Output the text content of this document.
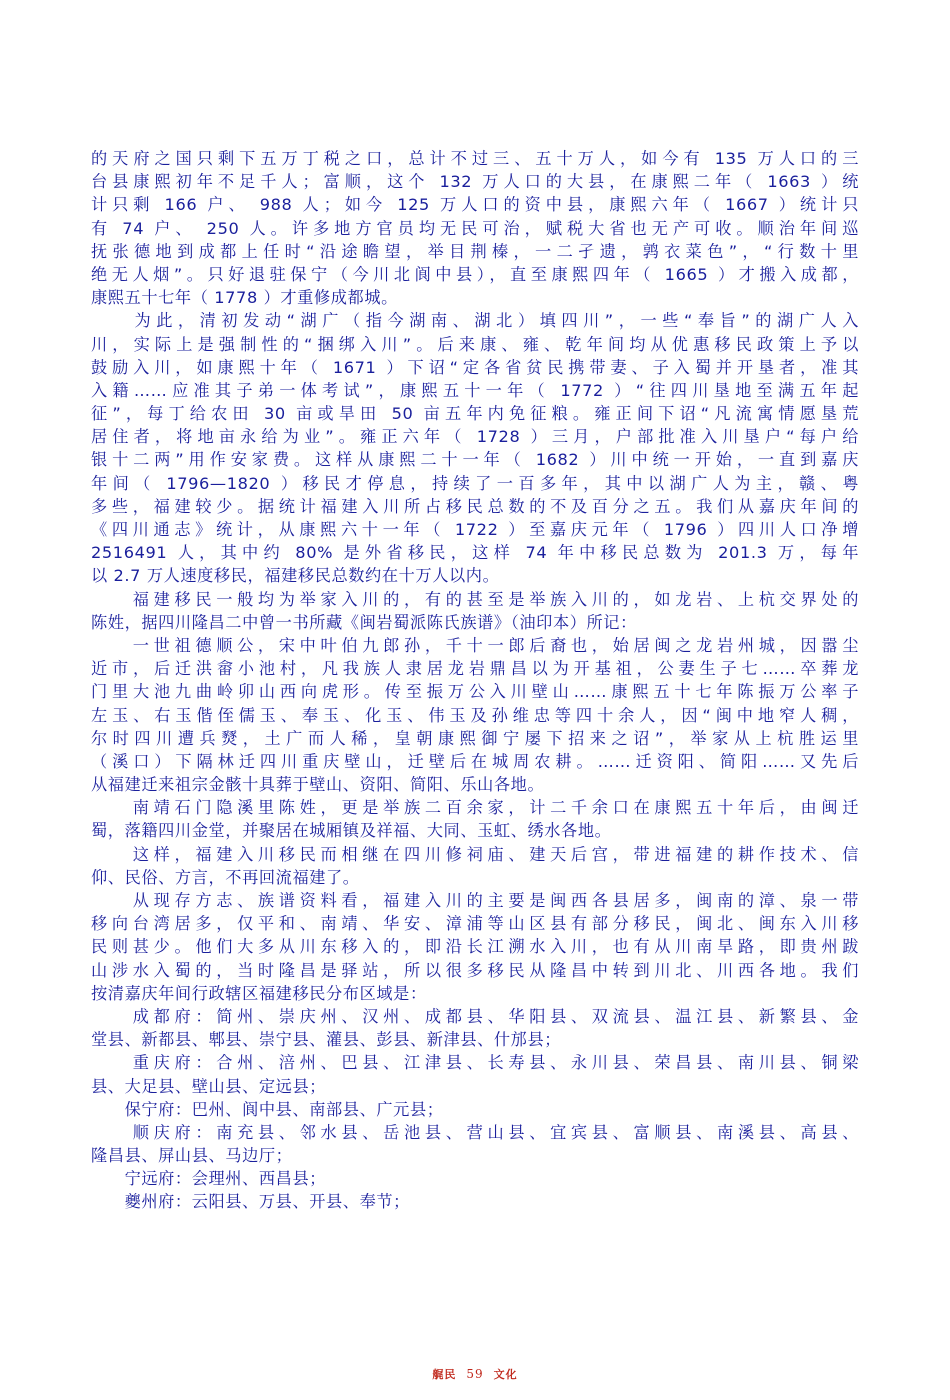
的天府之国只剩下五万丁税之口，总计不过三、五十万人，如今有 135 万人口的三
台县康熙初年不足千人；富顺，这个 132 万人口的大县，在康熙二年（ 1663 ）统
计只剩 166 户、 988 人；如今 125 万人口的资中县，康熙六年（ 1667 ）统计只
有 74 户、 250 人。许多地方官员均无民可治，赋税大省也无产可收。顺治年间巡
抚张德地到成都上任时“沿途瞻望，举目荆榛，一二孑遗，鹑衣菜色”，“行数十里
绝无人烟”。只好退驻保宁（今川北阆中县），直至康熙四年（ 1665 ）才搬入成都，
康熙五十七年（ 1778 ）才重修成都城。
　　为此，清初发动“湖广（指今湖南、湖北）填四川”，一些“奉旨”的湖广人入
川，实际上是强制性的“捆绑入川”。后来康、雍、乾年间均从优惠移民政策上予以
鼓励入川，如康熙十年（ 1671 ）下诏“定各省贫民携带妻、子入蜀并开垦者，准其
入籍……应准其子弟一体考试”，康熙五十一年（ 1772 ）“往四川垦地至满五年起
征”，每丁给农田 30 亩或旱田 50 亩五年内免征粮。雍正间下诏“凡流寓情愿垦荒
居住者，将地亩永给为业”。雍正六年（ 1728 ）三月，户部批准入川垦户“每户给
银十二两”用作安家费。这样从康熙二十一年（ 1682 ）川中统一开始，一直到嘉庆
年间（ 1796—1820 ）移民才停息，持续了一百多年，其中以湖广人为主，赣、粤
多些，福建较少。据统计福建入川所占移民总数的不及百分之五。我们从嘉庆年间的
《四川通志》统计，从康熙六十一年（ 1722 ）至嘉庆元年（ 1796 ）四川人口净增
2516491 人，其中约 80% 是外省移民，这样 74 年中移民总数为 201.3 万，每年
以 2.7 万人速度移民，福建移民总数约在十万人以内。
　　福建移民一般均为举家入川的，有的甚至是举族入川的，如龙岩、上杭交界处的
陈姓，据四川隆昌二中曾一书所藏《闽岩蜀派陈氏族谱》（油印本）所记：
　　一世祖德顺公，宋中叶伯九郎孙，千十一郎后裔也，始居闽之龙岩州城，因嚣尘
近市，后迁洪畲小池村，凡我族人隶居龙岩鼎昌以为开基祖，公妻生子七……卒葬龙
门里大池九曲岭卯山西向虎形。传至振万公入川壁山……康熙五十七年陈振万公率子
左玉、右玉偕侄儒玉、奉玉、化玉、伟玉及孙维忠等四十余人，因“闽中地窄人稠，
尔时四川遭兵燹，土广而人稀，皇朝康熙御宁屡下招来之诏”，举家从上杭胜运里
（溪口）下隔林迁四川重庆壁山，迁壁后在城周农耕。……迁资阳、简阳……又先后
从福建迁来祖宗金骸十具葬于壁山、资阳、简阳、乐山各地。
　　南靖石门隐溪里陈姓，更是举族二百余家，计二千余口在康熙五十年后，由闽迁
蜀，落籍四川金堂，并聚居在城厢镇及祥福、大同、玉虹、绣水各地。
　　这样，福建入川移民而相继在四川修祠庙、建天后宫，带进福建的耕作技术、信
仰、民俗、方言，不再回流福建了。
　　从现存方志、族谱资料看，福建入川的主要是闽西各县居多，闽南的漳、泉一带
移向台湾居多，仅平和、南靖、华安、漳浦等山区县有部分移民，闽北、闽东入川移
民则甚少。他们大多从川东移入的，即沿长江溯水入川，也有从川南旱路，即贵州跋
山涉水入蜀的，当时隆昌是驿站，所以很多移民从隆昌中转到川北、川西各地。我们
按清嘉庆年间行政辖区福建移民分布区域是：
　　成都府：简州、崇庆州、汉州、成都县、华阳县、双流县、温江县、新繁县、金
堂县、新都县、郫县、崇宁县、灌县、彭县、新津县、什邡县；
　　重庆府：合州、涪州、巴县、江津县、长寿县、永川县、荣昌县、南川县、铜梁
县、大足县、壁山县、定远县；
　　保宁府：巴州、阆中县、南部县、广元县；
　　顺庆府：南充县、邻水县、岳池县、营山县、宜宾县、富顺县、南溪县、高县、
隆昌县、屏山县、马边厅；
　　宁远府：会理州、西昌县；
　　夔州府：云阳县、万县、开县、奉节；
艉民 59 文化
